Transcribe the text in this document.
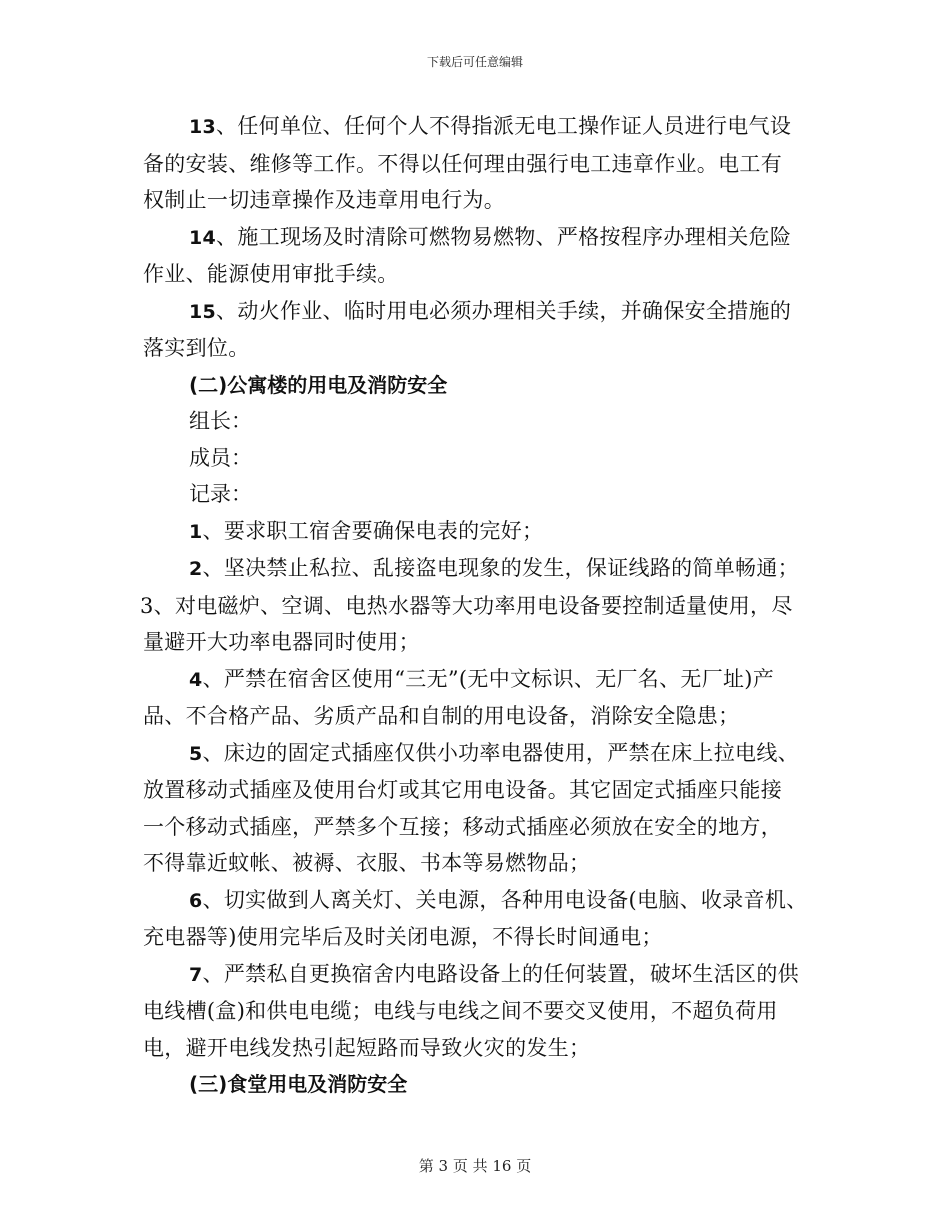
下载后可任意编辑

13、任何单位、任何个人不得指派无电工操作证人员进行电气设
备的安装、维修等工作。不得以任何理由强行电工违章作业。电工有
权制止一切违章操作及违章用电行为。

14、施工现场及时清除可燃物易燃物、严格按程序办理相关危险
作业、能源使用审批手续。

15、动火作业、临时用电必须办理相关手续，并确保安全措施的
落实到位。

(二)公寓楼的用电及消防安全

组长：

成员：

记录：

1、要求职工宿舍要确保电表的完好；

2、坚决禁止私拉、乱接盗电现象的发生，保证线路的简单畅通；

3、对电磁炉、空调、电热水器等大功率用电设备要控制适量使用，尽
量避开大功率电器同时使用；

4、严禁在宿舍区使用“三无”(无中文标识、无厂名、无厂址)产
品、不合格产品、劣质产品和自制的用电设备，消除安全隐患；

5、床边的固定式插座仅供小功率电器使用，严禁在床上拉电线、
放置移动式插座及使用台灯或其它用电设备。其它固定式插座只能接
一个移动式插座，严禁多个互接；移动式插座必须放在安全的地方，
不得靠近蚊帐、被褥、衣服、书本等易燃物品；

6、切实做到人离关灯、关电源，各种用电设备(电脑、收录音机、
充电器等)使用完毕后及时关闭电源，不得长时间通电；

7、严禁私自更换宿舍内电路设备上的任何装置，破坏生活区的供
电线槽(盒)和供电电缆；电线与电线之间不要交叉使用，不超负荷用
电，避开电线发热引起短路而导致火灾的发生；

(三)食堂用电及消防安全

第 3 页 共 16 页
